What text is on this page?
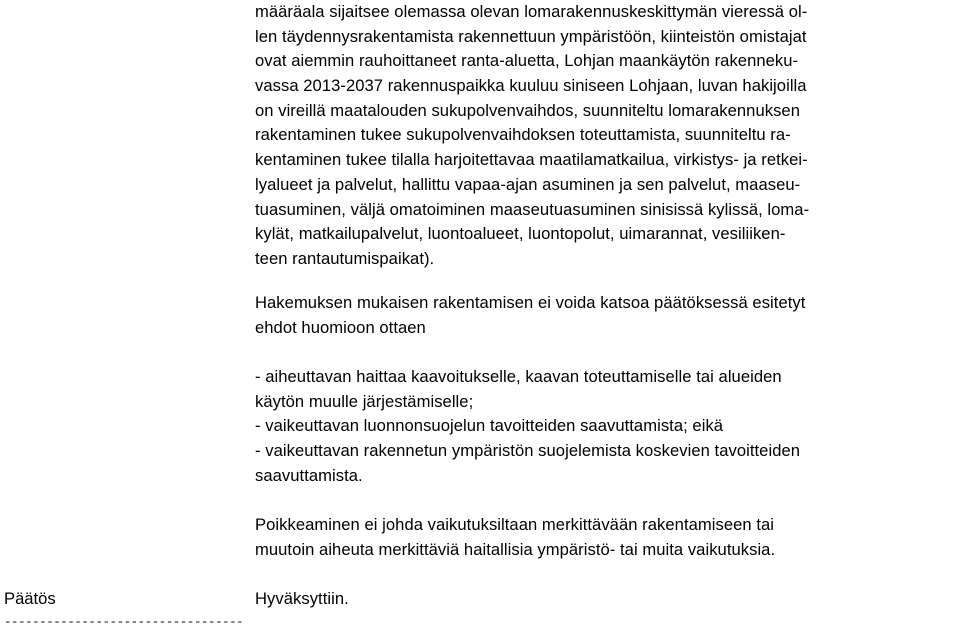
määräala sijaitsee olemassa olevan lomarakennuskeskittymän vieressä ol-
len täydennysrakentamista rakennettuun ympäristöön, kiinteistön omistajat
ovat aiemmin rauhoittaneet ranta-aluetta, Lohjan maankäytön rakenneku-
vassa 2013-2037 rakennuspaikka kuuluu siniseen Lohjaan, luvan hakijoilla
on vireillä maatalouden sukupolvenvaihdos, suunniteltu lomarakennuksen
rakentaminen tukee sukupolvenvaihdoksen toteuttamista, suunniteltu ra-
kentaminen tukee tilalla harjoitettavaa maatilamatkailua, virkistys- ja retkei-
lyalueet ja palvelut, hallittu vapaa-ajan asuminen ja sen palvelut, maaseu-
tuasuminen, väljä omatoiminen maaseutuasuminen sinisissä kylissä, loma-
kylät, matkailupalvelut, luontoalueet, luontopolut, uimarannat, vesiliiken-
teen rantautumispaikat).
Hakemuksen mukaisen rakentamisen ei voida katsoa päätöksessä esitetyt
ehdot huomioon ottaen
- aiheuttavan haittaa kaavoitukselle, kaavan toteuttamiselle tai alueiden
käytön muulle järjestämiselle;
- vaikeuttavan luonnonsuojelun tavoitteiden saavuttamista; eikä
- vaikeuttavan rakennetun ympäristön suojelemista koskevien tavoitteiden
saavuttamista.
Poikkeaminen ei johda vaikutuksiltaan merkittävään rakentamiseen tai
muutoin aiheuta merkittäviä haitallisia ympäristö- tai muita vaikutuksia.
Päätös
----------------------------------
Hyväksyttiin.
